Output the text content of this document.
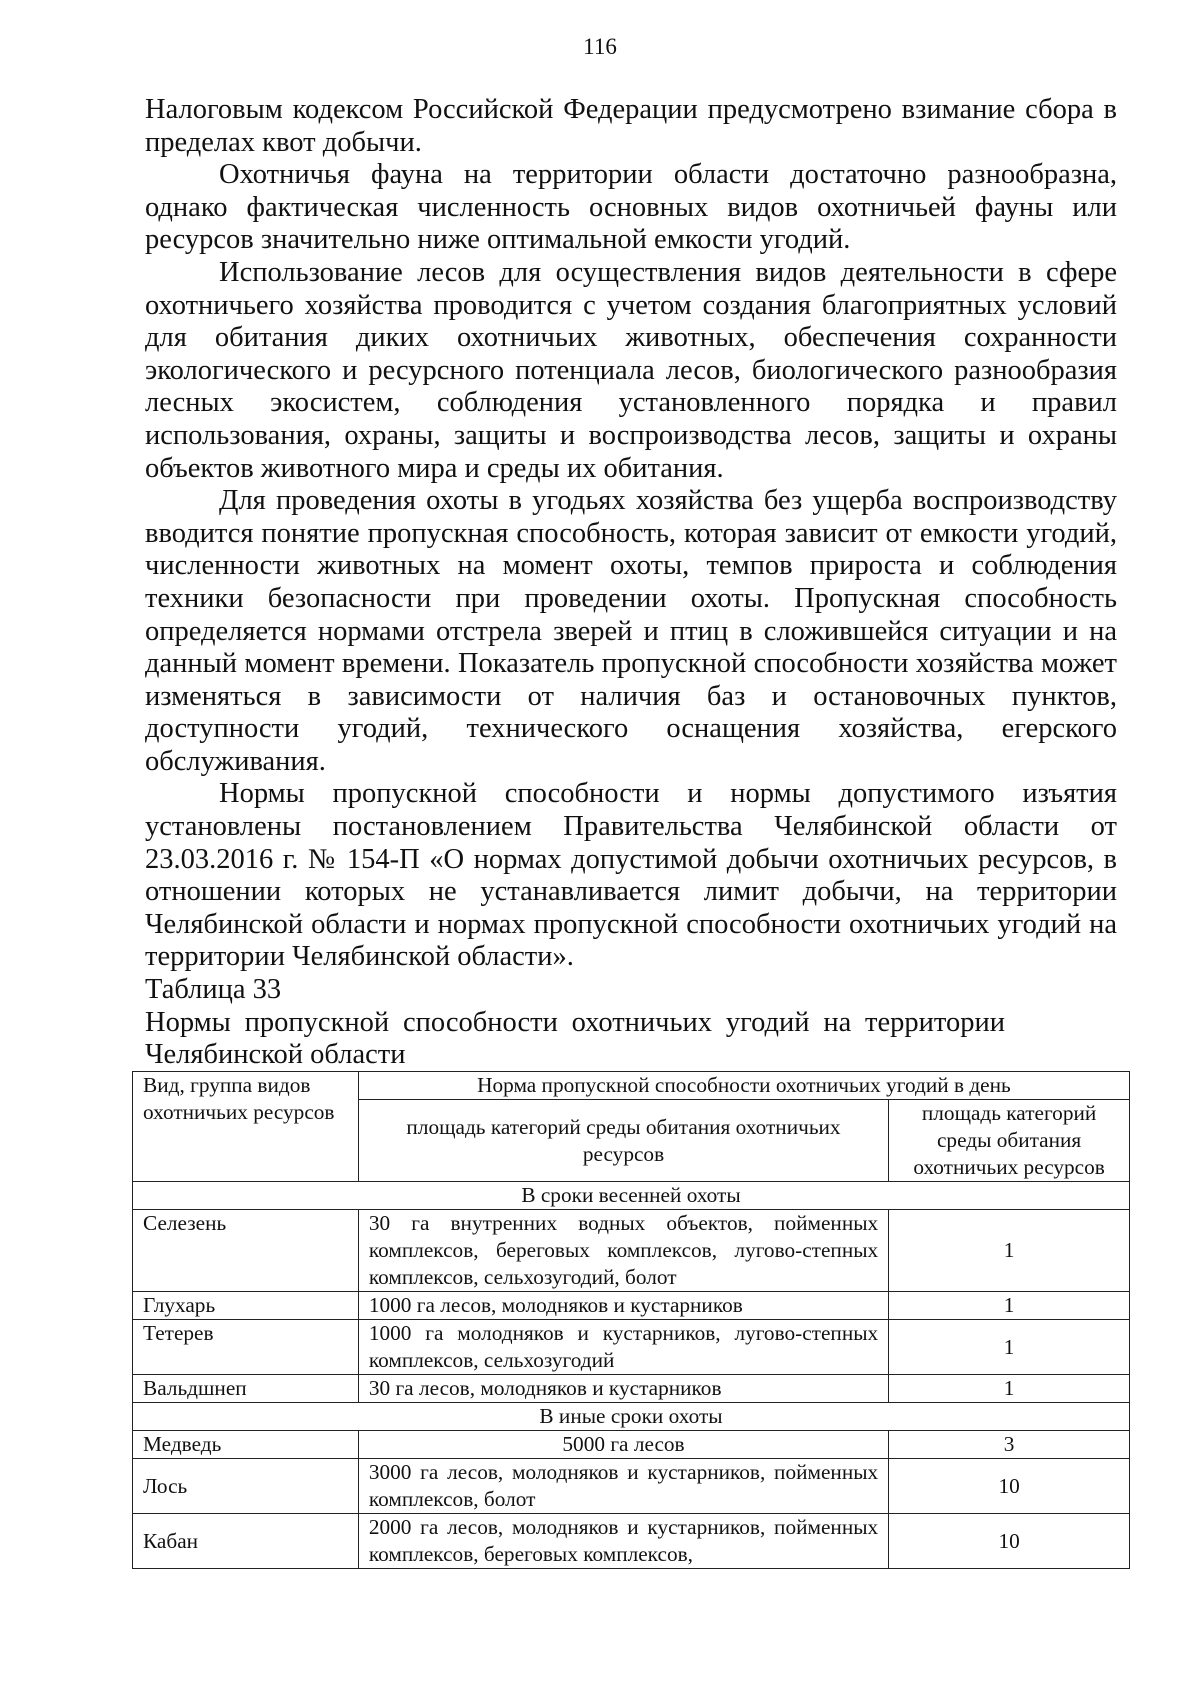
116

Налоговым кодексом Российской Федерации предусмотрено взимание сбора в пределах квот добычи.

Охотничья фауна на территории области достаточно разнообразна, однако фактическая численность основных видов охотничьей фауны или ресурсов значительно ниже оптимальной емкости угодий.

Использование лесов для осуществления видов деятельности в сфере охотничьего хозяйства проводится с учетом создания благоприятных условий для обитания диких охотничьих животных, обеспечения сохранности экологического и ресурсного потенциала лесов, биологического разнообразия лесных экосистем, соблюдения установленного порядка и правил использования, охраны, защиты и воспроизводства лесов, защиты и охраны объектов животного мира и среды их обитания.

Для проведения охоты в угодьях хозяйства без ущерба воспроизводству вводится понятие пропускная способность, которая зависит от емкости угодий, численности животных на момент охоты, темпов прироста и соблюдения техники безопасности при проведении охоты. Пропускная способность определяется нормами отстрела зверей и птиц в сложившейся ситуации и на данный момент времени. Показатель пропускной способности хозяйства может изменяться в зависимости от наличия баз и остановочных пунктов, доступности угодий, технического оснащения хозяйства, егерского обслуживания.

Нормы пропускной способности и нормы допустимого изъятия установлены постановлением Правительства Челябинской области от 23.03.2016 г. № 154-П «О нормах допустимой добычи охотничьих ресурсов, в отношении которых не устанавливается лимит добычи, на территории Челябинской области и нормах пропускной способности охотничьих угодий на территории Челябинской области».

Таблица 33

Нормы пропускной способности охотничьих угодий на территории Челябинской области

Вид, группа видов охотничьих ресурсов	Норма пропускной способности охотничьих угодий в день	
	площадь категорий среды обитания охотничьих ресурсов	площадь категорий среды обитания охотничьих ресурсов
В сроки весенней охоты		
Селезень	30 га внутренних водных объектов, пойменных комплексов, береговых комплексов, лугово-степных комплексов, сельхозугодий, болот	1
Глухарь	1000 га лесов, молодняков и кустарников	1
Тетерев	1000 га молодняков и кустарников, лугово-степных комплексов, сельхозугодий	1
Вальдшнеп	30 га лесов, молодняков и кустарников	1
В иные сроки охоты		
Медведь	5000 га лесов	3
Лось	3000 га лесов, молодняков и кустарников, пойменных комплексов, болот	10
Кабан	2000 га лесов, молодняков и кустарников, пойменных комплексов, береговых комплексов,	10
